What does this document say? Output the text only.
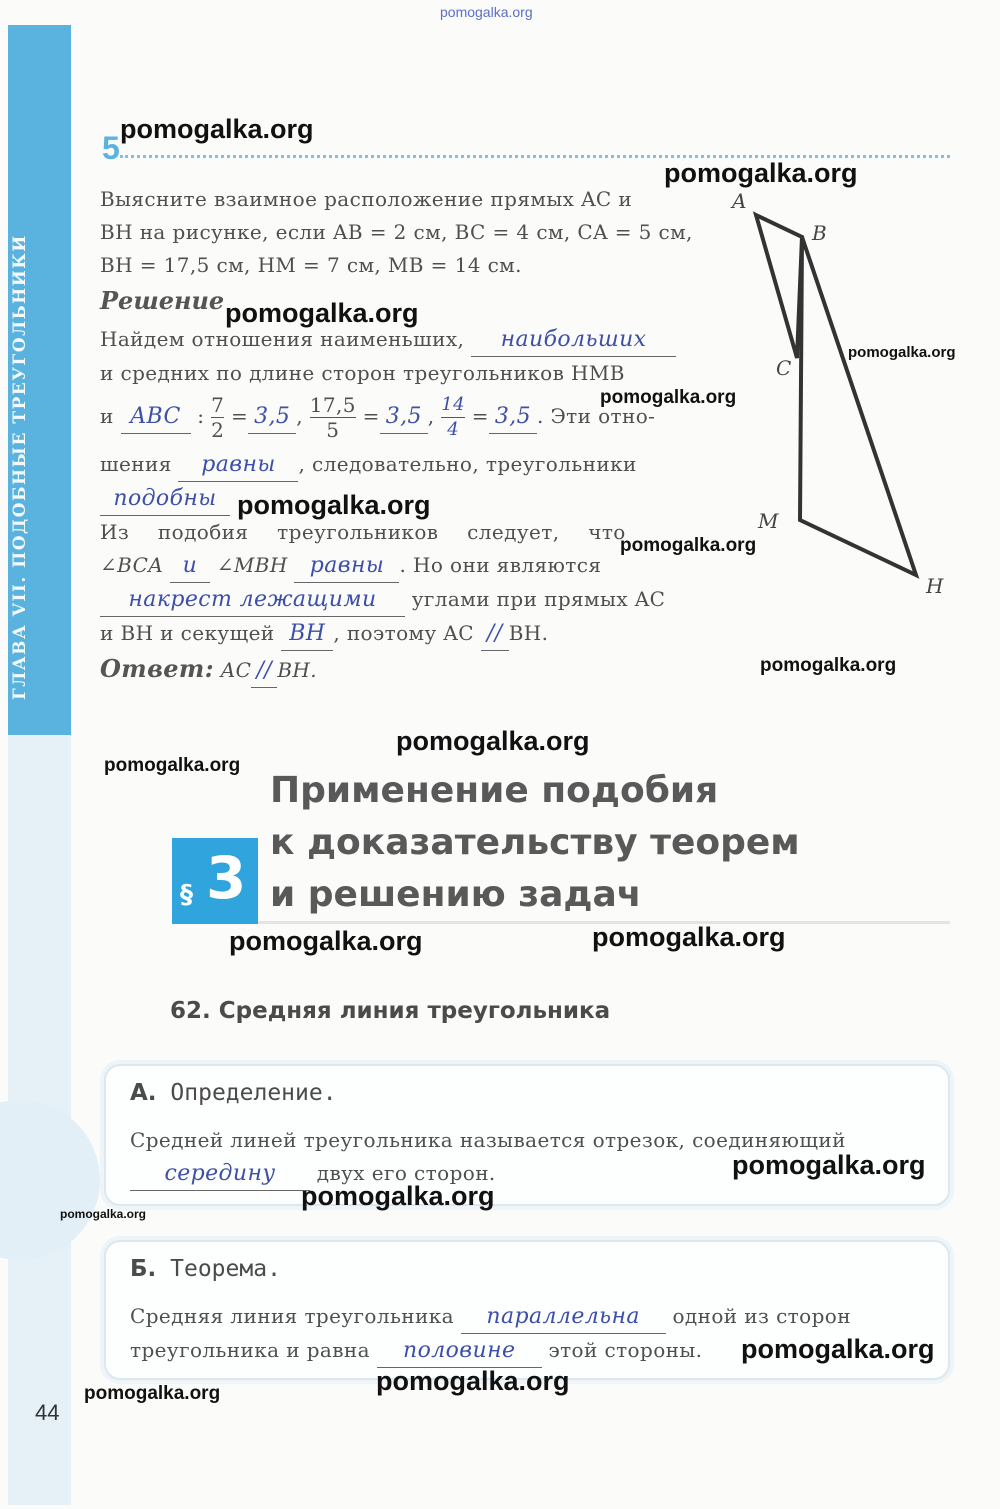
ГЛАВА VII. ПОДОБНЫЕ ТРЕУГОЛЬНИКИ
pomogalka.org
5
Выясните взаимное расположение прямых AC и
BH на рисунке, если AB = 2 см, BC = 4 см, CA = 5 см,
BH = 17,5 см, HM = 7 см, MB = 14 см.
Решение
Найдем отношения наименьших, наибольших
и средних по длине сторон треугольников HMB
и ABC : $\frac{7}{2} = 3,5$ , $\frac{17,5}{5} = 3,5$ , $\frac{14}{4} = 3,5$ . Эти отно-
шения равны , следовательно, треугольники
подобны
Из подобия треугольников следует, что
∠BCA и ∠MBH равны . Но они являются
накрест лежащими углами при прямых AC
и BH и секущей BH , поэтому AC // BH.
Ответ: AC // BH.
A
B
C
M
H
Применение подобия
к доказательству теорем
и решению задач
§ 3
62. Средняя линия треугольника
А. Определение.
Средней линей треугольника называется отрезок, соединяющий
середину двух его сторон.
Б. Теорема.
Средняя линия треугольника параллельна одной из сторон
треугольника и равна половине этой стороны.
44
pomogalka.org
pomogalka.org
pomogalka.org
pomogalka.org
pomogalka.org
pomogalka.org
pomogalka.org
pomogalka.org
pomogalka.org
pomogalka.org
pomogalka.org	pomogalka.org
pomogalka.org
pomogalka.org
pomogalka.org
pomogalka.org
pomogalka.org
pomogalka.org
